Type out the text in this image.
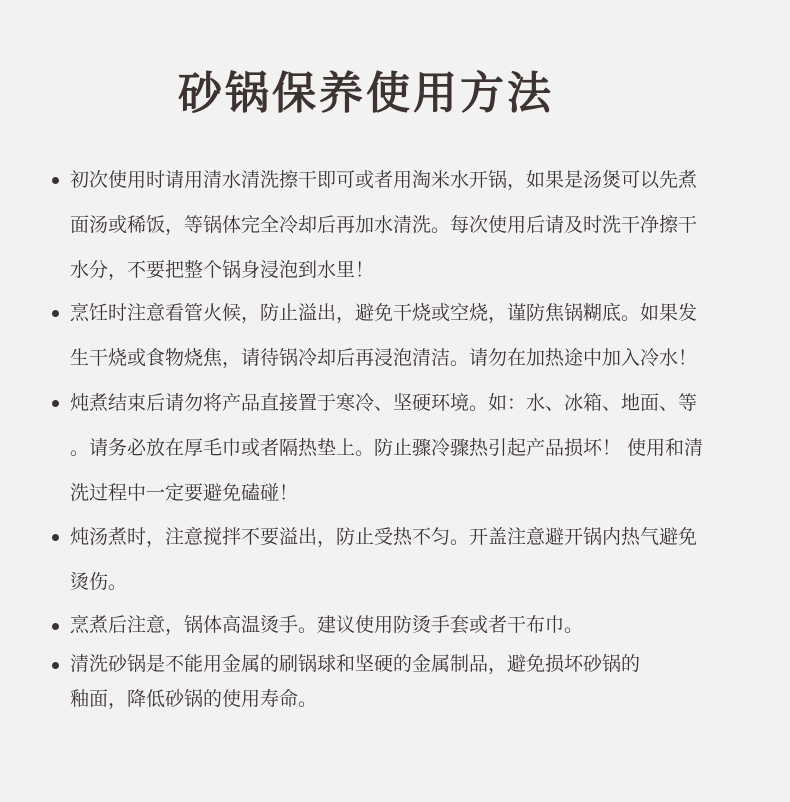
砂锅保养使用方法
初次使用时请用清水清洗擦干即可或者用淘米水开锅，如果是汤煲可以先煮
面汤或稀饭，等锅体完全冷却后再加水清洗。每次使用后请及时洗干净擦干
水分，不要把整个锅身浸泡到水里！
烹饪时注意看管火候，防止溢出，避免干烧或空烧，谨防焦锅糊底。如果发
生干烧或食物烧焦，请待锅冷却后再浸泡清洁。请勿在加热途中加入冷水！
炖煮结束后请勿将产品直接置于寒冷、坚硬环境。如：水、冰箱、地面、等
。请务必放在厚毛巾或者隔热垫上。防止骤冷骤热引起产品损坏！ 使用和清
洗过程中一定要避免磕碰！
炖汤煮时，注意搅拌不要溢出，防止受热不匀。开盖注意避开锅内热气避免
烫伤。
烹煮后注意，锅体高温烫手。建议使用防烫手套或者干布巾。
清洗砂锅是不能用金属的刷锅球和坚硬的金属制品，避免损坏砂锅的
釉面，降低砂锅的使用寿命。
